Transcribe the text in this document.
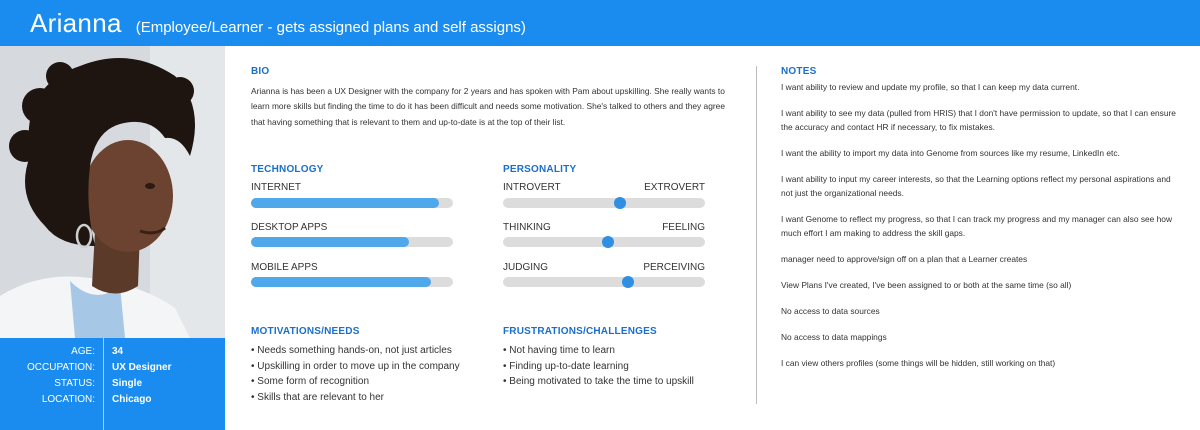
Arianna (Employee/Learner - gets assigned plans and self assigns)
AGE: 34
OCCUPATION: UX Designer
STATUS: Single
LOCATION: Chicago
BIO
Arianna is has been a UX Designer with the company for 2 years and has spoken with Pam about upskilling. She really wants to learn more skills but finding the time to do it has been difficult and needs some motivation. She's talked to others and they agree that having something that is relevant to them and up-to-date is at the top of their list.
TECHNOLOGY
INTERNET
DESKTOP APPS
MOBILE APPS
PERSONALITY
INTROVERT	EXTROVERT
THINKING	FEELING
JUDGING	PERCEIVING
MOTIVATIONS/NEEDS
• Needs something hands-on, not just articles
• Upskilling in order to move up in the company
• Some form of recognition
• Skills that are relevant to her
FRUSTRATIONS/CHALLENGES
• Not having time to learn
• Finding up-to-date learning
• Being motivated to take the time to upskill
NOTES
I want ability to review and update my profile, so that I can keep my data current.
I want ability to see my data (pulled from HRIS) that I don't have permission to update, so that I can ensure the accuracy and contact HR if necessary, to fix mistakes.
I want the ability to import my data into Genome from sources like my resume, LinkedIn etc.
I want ability to input my career interests, so that the Learning options reflect my personal aspirations and not just the organizational needs.
I want Genome to reflect my progress, so that I can track my progress and my manager can also see how much effort I am making to address the skill gaps.
manager need to approve/sign off on a plan that a Learner creates
View Plans I've created, I've been assigned to or both at the same time (so all)
No access to data sources
No access to data mappings
I can view others profiles (some things will be hidden, still working on that)
